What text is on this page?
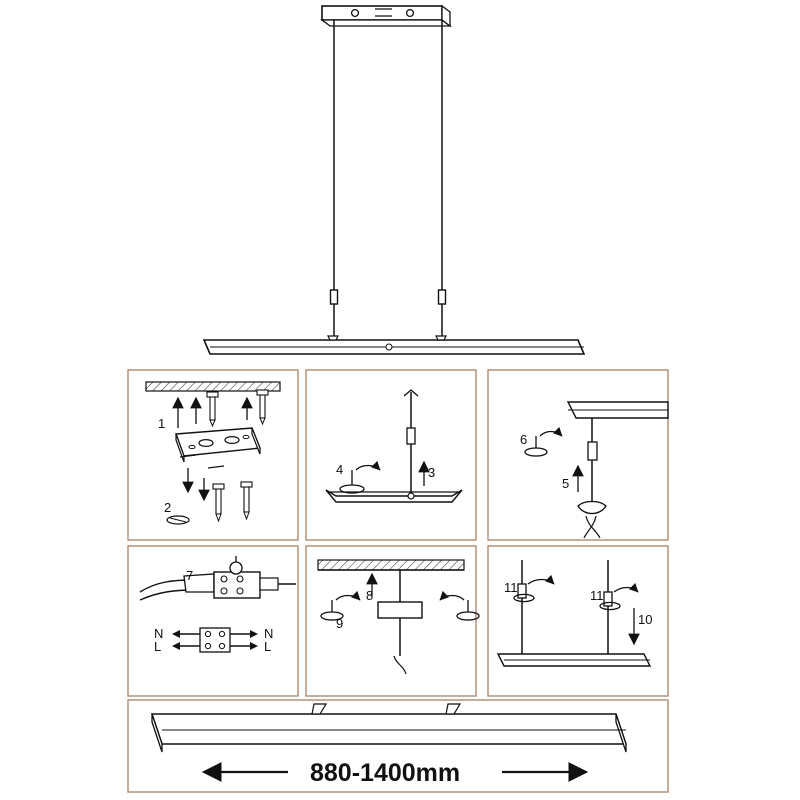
1
2
3
4
5
6
7
N
L
N
L
8
9
11
11
10
880-1400mm
